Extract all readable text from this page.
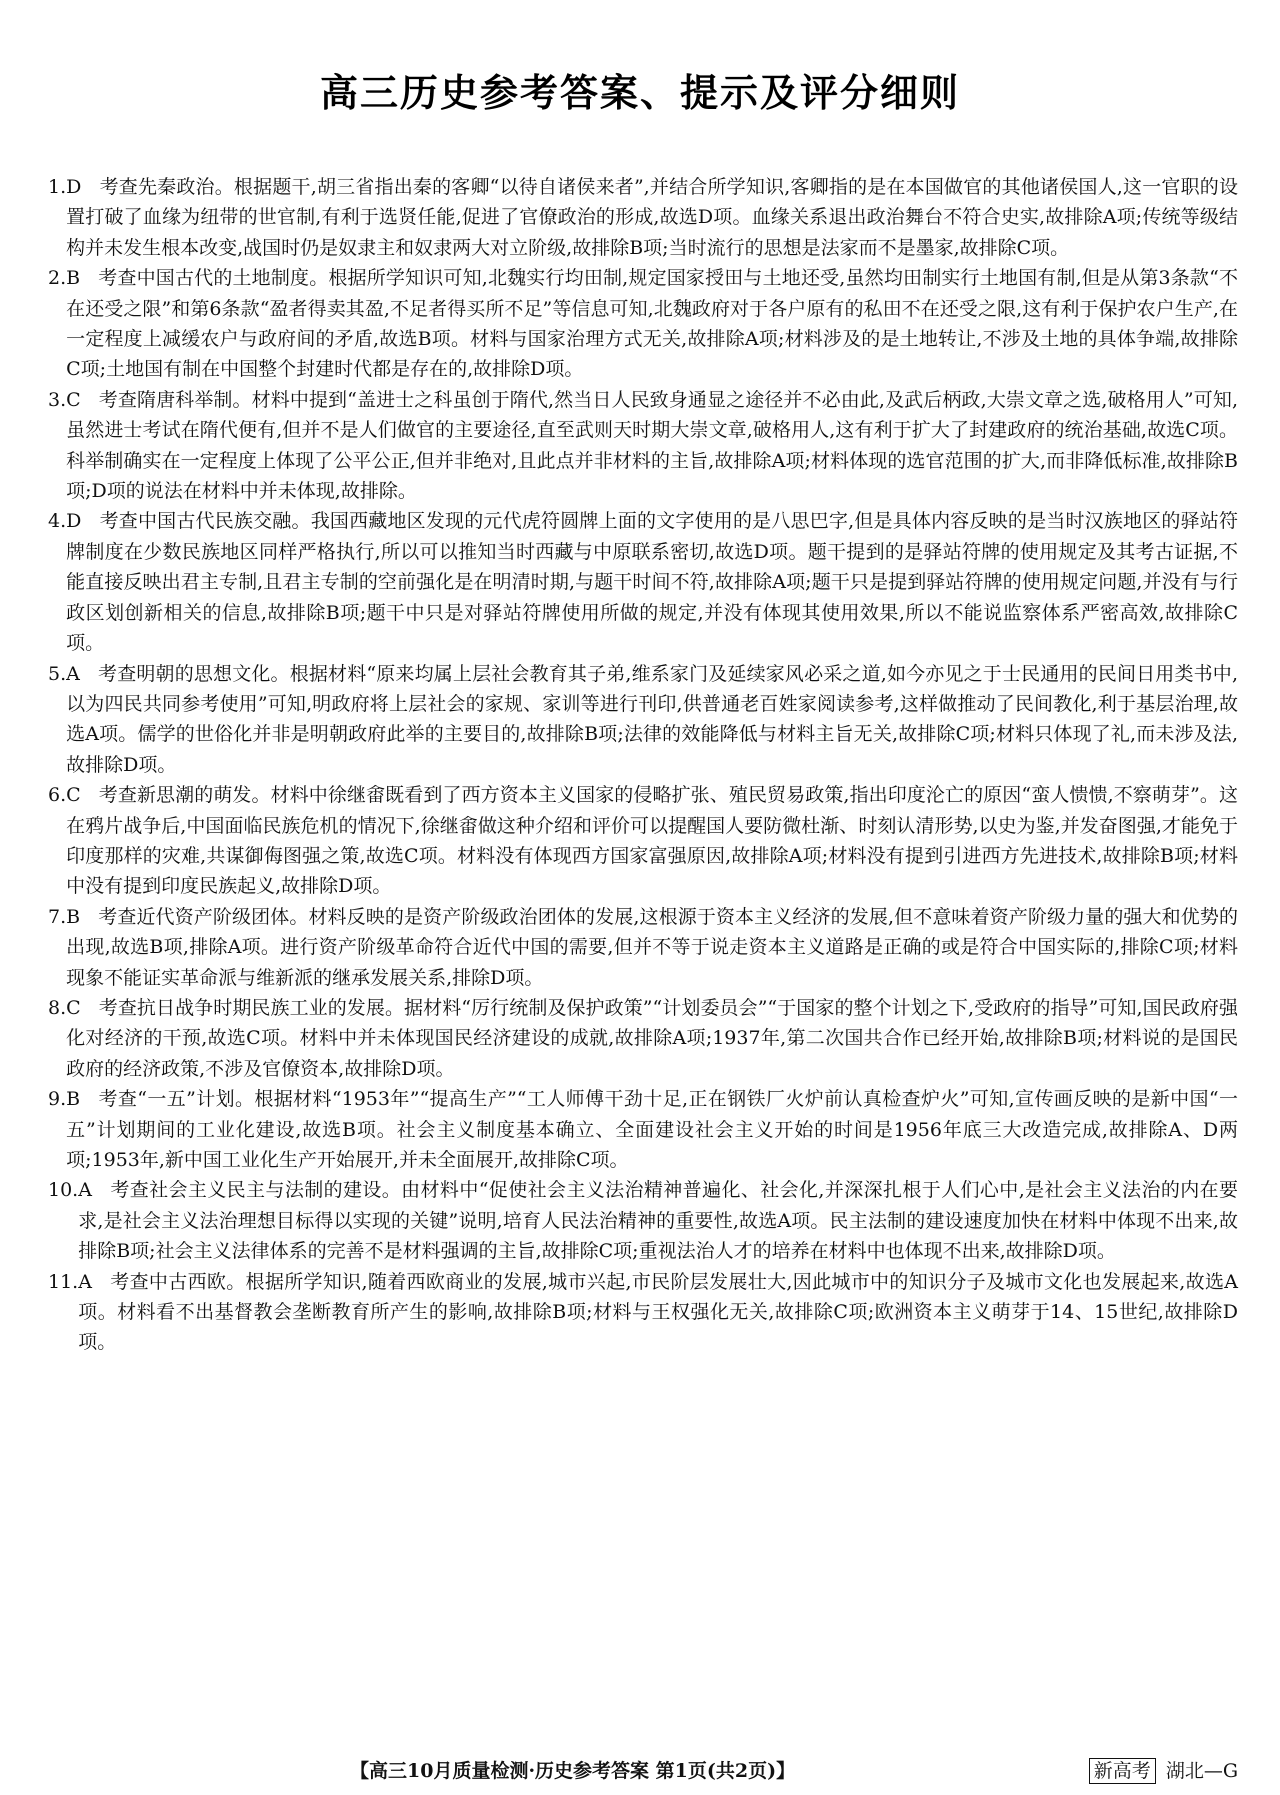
高三历史参考答案、提示及评分细则
1. D 考查先秦政治。根据题干,胡三省指出秦的客卿“以待自诸侯来者”,并结合所学知识,客卿指的是在本国做官的其他诸侯国人,这一官职的设置打破了血缘为纽带的世官制,有利于选贤任能,促进了官僚政治的形成,故选D项。血缘关系退出政治舞台不符合史实,故排除A项;传统等级结构并未发生根本改变,战国时仍是奴隶主和奴隶两大对立阶级,故排除B项;当时流行的思想是法家而不是墨家,故排除C项。
2. B 考查中国古代的土地制度。根据所学知识可知,北魏实行均田制,规定国家授田与土地还受,虽然均田制实行土地国有制,但是从第3条款“不在还受之限”和第6条款“盈者得卖其盈,不足者得买所不足”等信息可知,北魏政府对于各户原有的私田不在还受之限,这有利于保护农户生产,在一定程度上减缓农户与政府间的矛盾,故选B项。材料与国家治理方式无关,故排除A项;材料涉及的是土地转让,不涉及土地的具体争端,故排除C项;土地国有制在中国整个封建时代都是存在的,故排除D项。
3. C 考查隋唐科举制。材料中提到“盖进士之科虽创于隋代,然当日人民致身通显之途径并不必由此,及武后柄政,大崇文章之选,破格用人”可知,虽然进士考试在隋代便有,但并不是人们做官的主要途径,直至武则天时期大崇文章,破格用人,这有利于扩大了封建政府的统治基础,故选C项。科举制确实在一定程度上体现了公平公正,但并非绝对,且此点并非材料的主旨,故排除A项;材料体现的选官范围的扩大,而非降低标准,故排除B项;D项的说法在材料中并未体现,故排除。
4. D 考查中国古代民族交融。我国西藏地区发现的元代虎符圆牌上面的文字使用的是八思巴字,但是具体内容反映的是当时汉族地区的驿站符牌制度在少数民族地区同样严格执行,所以可以推知当时西藏与中原联系密切,故选D项。题干提到的是驿站符牌的使用规定及其考古证据,不能直接反映出君主专制,且君主专制的空前强化是在明清时期,与题干时间不符,故排除A项;题干只是提到驿站符牌的使用规定问题,并没有与行政区划创新相关的信息,故排除B项;题干中只是对驿站符牌使用所做的规定,并没有体现其使用效果,所以不能说监察体系严密高效,故排除C项。
5. A 考查明朝的思想文化。根据材料“原来均属上层社会教育其子弟,维系家门及延续家风必采之道,如今亦见之于士民通用的民间日用类书中,以为四民共同参考使用”可知,明政府将上层社会的家规、家训等进行刊印,供普通老百姓家阅读参考,这样做推动了民间教化,利于基层治理,故选A项。儒学的世俗化并非是明朝政府此举的主要目的,故排除B项;法律的效能降低与材料主旨无关,故排除C项;材料只体现了礼,而未涉及法,故排除D项。
6. C 考查新思潮的萌发。材料中徐继畬既看到了西方资本主义国家的侵略扩张、殖民贸易政策,指出印度沦亡的原因“蛮人愦愦,不察萌芽”。这在鸦片战争后,中国面临民族危机的情况下,徐继畬做这种介绍和评价可以提醒国人要防微杜渐、时刻认清形势,以史为鉴,并发奋图强,才能免于印度那样的灾难,共谋御侮图强之策,故选C项。材料没有体现西方国家富强原因,故排除A项;材料没有提到引进西方先进技术,故排除B项;材料中没有提到印度民族起义,故排除D项。
7. B 考查近代资产阶级团体。材料反映的是资产阶级政治团体的发展,这根源于资本主义经济的发展,但不意味着资产阶级力量的强大和优势的出现,故选B项,排除A项。进行资产阶级革命符合近代中国的需要,但并不等于说走资本主义道路是正确的或是符合中国实际的,排除C项;材料现象不能证实革命派与维新派的继承发展关系,排除D项。
8. C 考查抗日战争时期民族工业的发展。据材料“厉行统制及保护政策”“计划委员会”“于国家的整个计划之下,受政府的指导”可知,国民政府强化对经济的干预,故选C项。材料中并未体现国民经济建设的成就,故排除A项;1937年,第二次国共合作已经开始,故排除B项;材料说的是国民政府的经济政策,不涉及官僚资本,故排除D项。
9. B 考查“一五”计划。根据材料“1953年”“提高生产”“工人师傅干劲十足,正在钢铁厂火炉前认真检查炉火”可知,宣传画反映的是新中国“一五”计划期间的工业化建设,故选B项。社会主义制度基本确立、全面建设社会主义开始的时间是1956年底三大改造完成,故排除A、D两项;1953年,新中国工业化生产开始展开,并未全面展开,故排除C项。
10. A 考查社会主义民主与法制的建设。由材料中“促使社会主义法治精神普遍化、社会化,并深深扎根于人们心中,是社会主义法治的内在要求,是社会主义法治理想目标得以实现的关键”说明,培育人民法治精神的重要性,故选A项。民主法制的建设速度加快在材料中体现不出来,故排除B项;社会主义法律体系的完善不是材料强调的主旨,故排除C项;重视法治人才的培养在材料中也体现不出来,故排除D项。
11. A 考查中古西欧。根据所学知识,随着西欧商业的发展,城市兴起,市民阶层发展壮大,因此城市中的知识分子及城市文化也发展起来,故选A项。材料看不出基督教会垄断教育所产生的影响,故排除B项;材料与王权强化无关,故排除C项;欧洲资本主义萌芽于14、15世纪,故排除D项。
【高三10月质量检测·历史参考答案 第1页(共2页)】	新高考 湖北—G
